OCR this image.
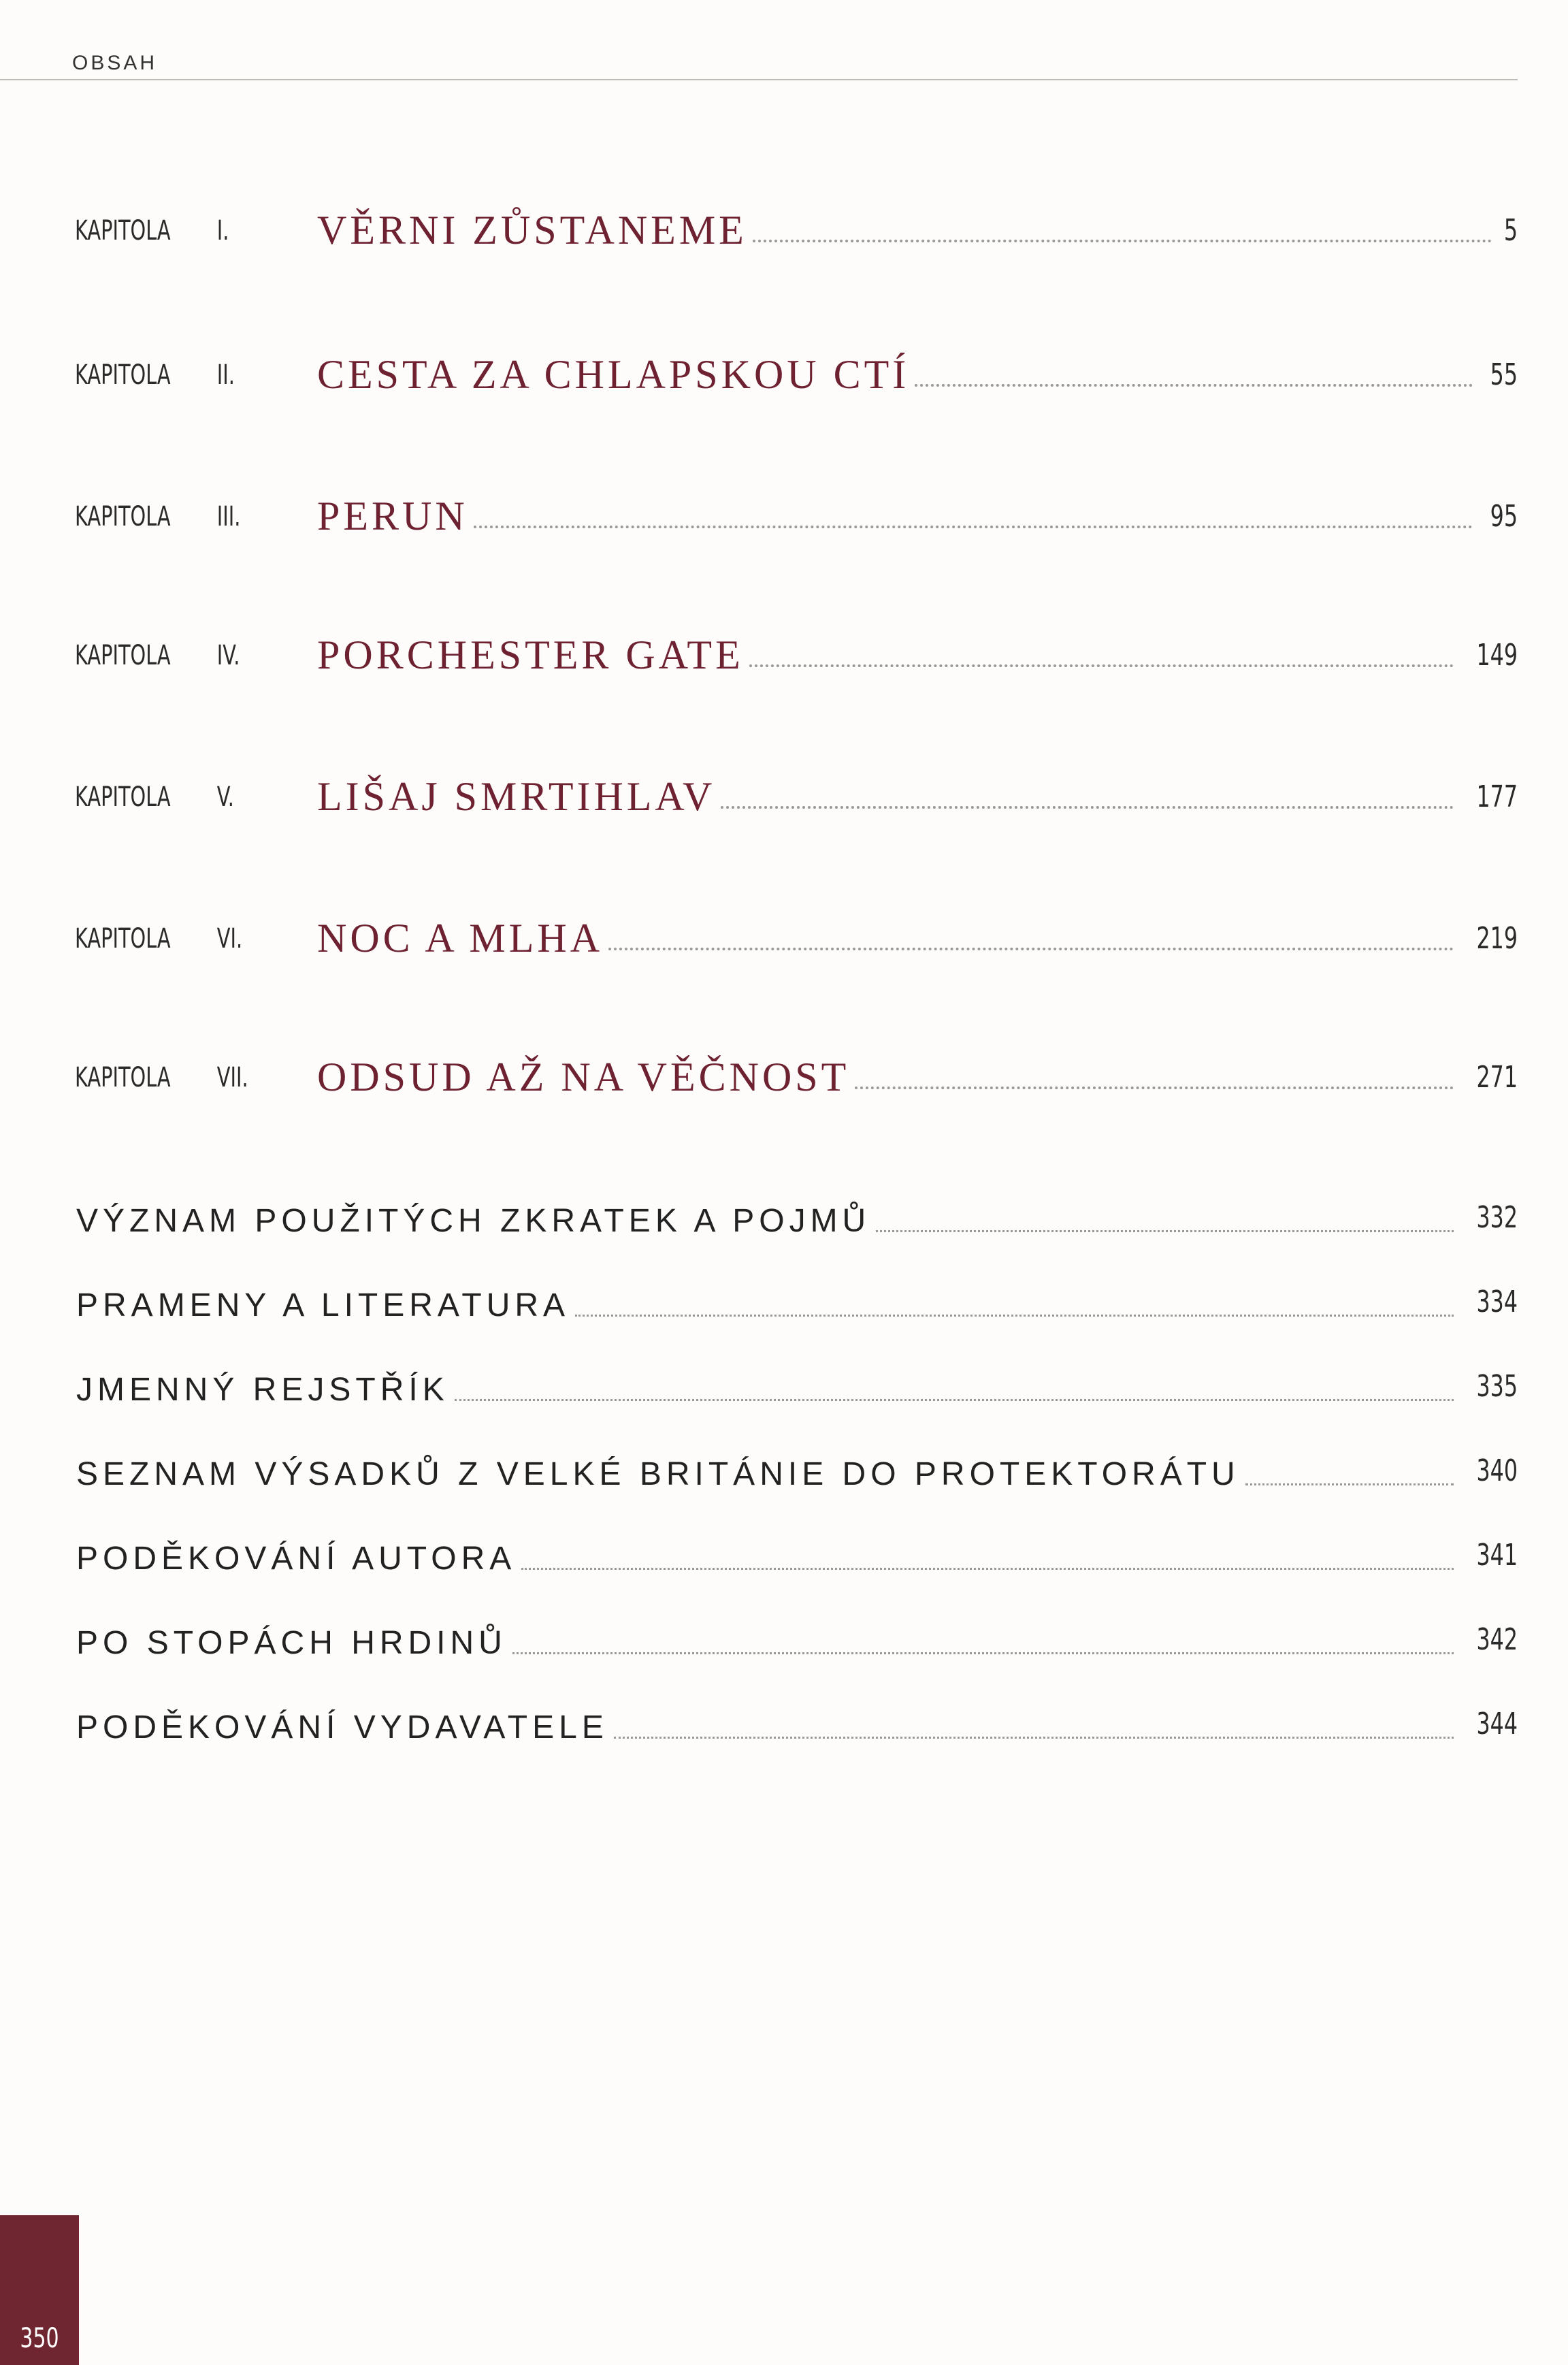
OBSAH
KAPITOLA I.	VĚRNI ZŮSTANEME	5
KAPITOLA II.	CESTA ZA CHLAPSKOU CTÍ	55
KAPITOLA III. PERUN	95
KAPITOLA IV. PORCHESTER GATE	149
KAPITOLA V.	LIŠAJ SMRTIHLAV	177
KAPITOLA VI. NOC A MLHA	219
KAPITOLA VII. ODSUD AŽ NA VĚČNOST	271
VÝZNAM POUŽITÝCH ZKRATEK A POJMŮ	332
PRAMENY A LITERATURA	334
JMENNÝ REJSTŘÍK	335
SEZNAM VÝSADKŮ Z VELKÉ BRITÁNIE DO PROTEKTORÁTU	340
PODĚKOVÁNÍ AUTORA	341
PO STOPÁCH HRDINŮ	342
PODĚKOVÁNÍ VYDAVATELE	344
350
